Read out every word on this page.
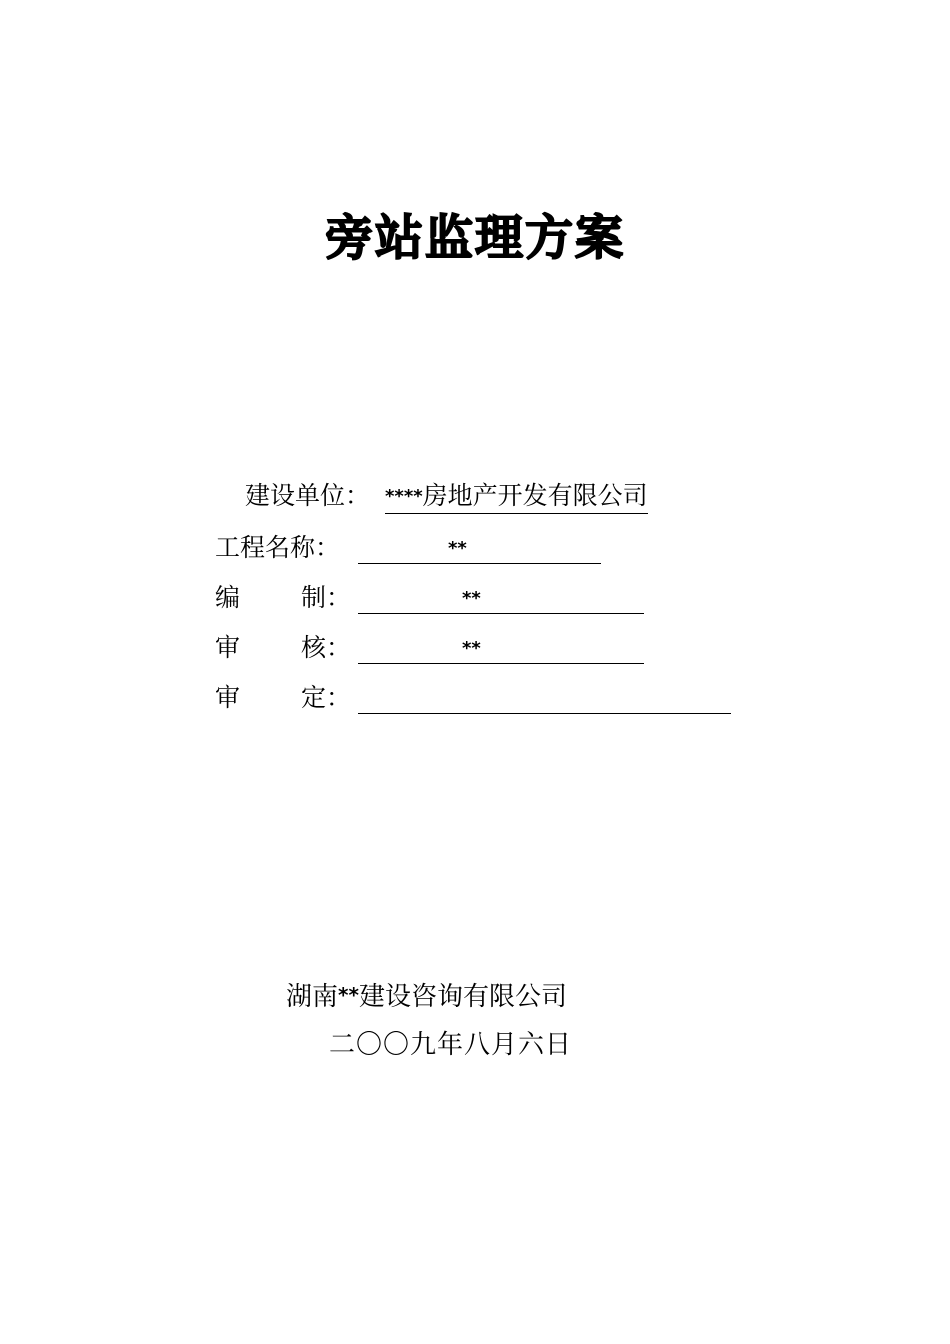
旁站监理方案
建设单位 ： ****房地产开发有限公司
工程名称 ：	**
编 制 ：	**
审 核 ：	**
审 定 ：
湖南**建设咨询有限公司
二〇〇九年八月六日
